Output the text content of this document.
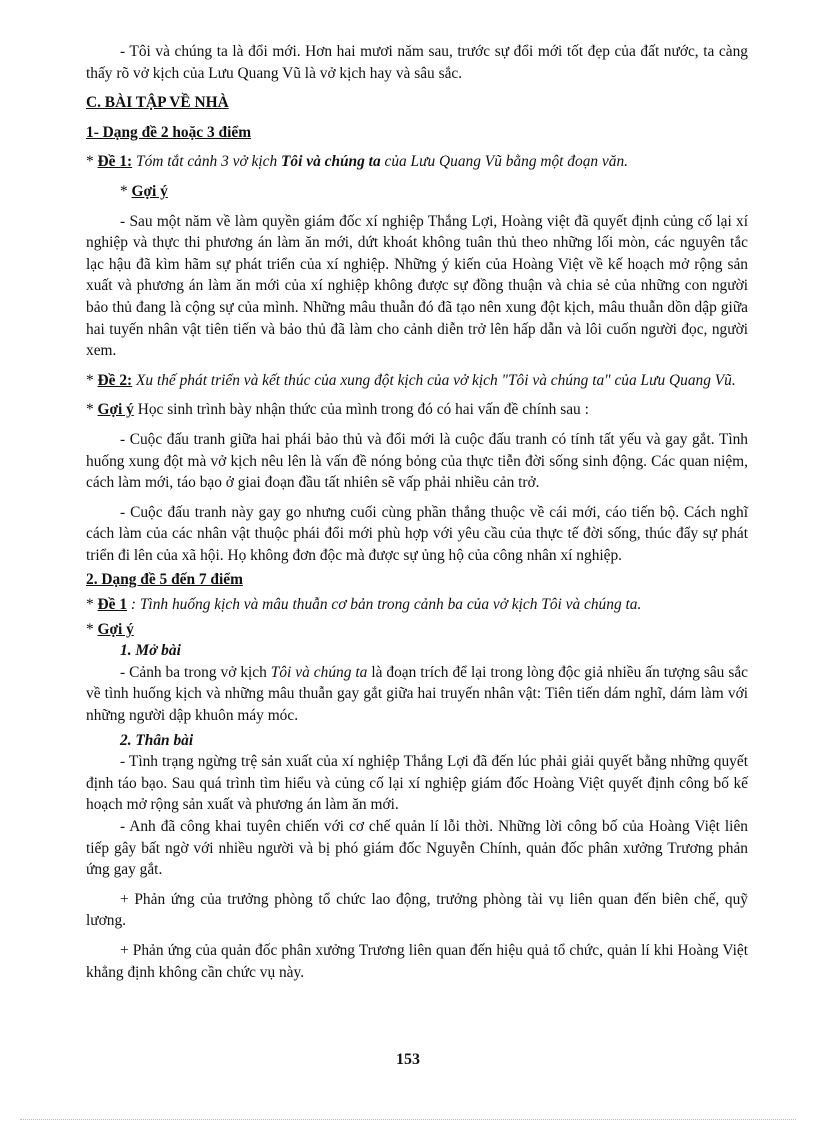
- Tôi và chúng ta là đổi mới. Hơn hai mươi năm sau, trước sự đổi mới tốt đẹp của đất nước, ta càng thấy rõ vở kịch của Lưu Quang Vũ là vở kịch hay và sâu sắc.

C. BÀI TẬP VỀ NHÀ

1- Dạng đề 2 hoặc 3 điểm

* Đề 1: Tóm tắt cảnh 3 vở kịch Tôi và chúng ta của Lưu Quang Vũ bằng một đoạn văn.

* Gợi ý

- Sau một năm về làm quyền giám đốc xí nghiệp Thắng Lợi, Hoàng việt đã quyết định củng cố lại xí nghiệp và thực thi phương án làm ăn mới, dứt khoát không tuân thủ theo những lối mòn, các nguyên tắc lạc hậu đã kìm hãm sự phát triển của xí nghiệp. Những ý kiến của Hoàng Việt về kế hoạch mở rộng sản xuất và phương án làm ăn mới của xí nghiệp không được sự đồng thuận và chia sẻ của những con người bảo thủ đang là cộng sự của mình. Những mâu thuẫn đó đã tạo nên xung đột kịch, mâu thuẫn dồn dập giữa hai tuyến nhân vật tiên tiến và bảo thủ đã làm cho cảnh diễn trở lên hấp dẫn và lôi cuốn người đọc, người xem.

* Đề 2: Xu thế phát triển và kết thúc của xung đột kịch của vở kịch "Tôi và chúng ta" của Lưu Quang Vũ.

* Gợi ý Học sinh trình bày nhận thức của mình trong đó có hai vấn đề chính sau :

- Cuộc đấu tranh giữa hai phái bảo thủ và đổi mới là cuộc đấu tranh có tính tất yếu và gay gắt. Tình huống xung đột mà vở kịch nêu lên là vấn đề nóng bỏng của thực tiễn đời sống sinh động. Các quan niệm, cách làm mới, táo bạo ở giai đoạn đầu tất nhiên sẽ vấp phải nhiều cản trở.

- Cuộc đấu tranh này gay go nhưng cuối cùng phần thắng thuộc về cái mới, cáo tiến bộ. Cách nghĩ cách làm của các nhân vật thuộc phái đổi mới phù hợp với yêu cầu của thực tế đời sống, thúc đẩy sự phát triển đi lên của xã hội. Họ không đơn độc mà được sự ủng hộ của công nhân xí nghiệp.

2. Dạng đề 5 đến 7 điểm

* Đề 1 : Tình huống kịch và mâu thuẫn cơ bản trong cảnh ba của vở kịch Tôi và chúng ta.

* Gợi ý

1. Mở bài

- Cảnh ba trong vở kịch Tôi và chúng ta là đoạn trích để lại trong lòng độc giả nhiều ấn tượng sâu sắc về tình huống kịch và những mâu thuẫn gay gắt giữa hai truyến nhân vật: Tiên tiến dám nghĩ, dám làm với những người dập khuôn máy móc.

2. Thân bài

- Tình trạng ngừng trệ sản xuất của xí nghiệp Thắng Lợi đã đến lúc phải giải quyết bằng những quyết định táo bạo. Sau quá trình tìm hiểu và củng cố lại xí nghiệp giám đốc Hoàng Việt quyết định công bố kế hoạch mở rộng sản xuất và phương án làm ăn mới.

- Anh đã công khai tuyên chiến với cơ chế quản lí lỗi thời. Những lời công bố của Hoàng Việt liên tiếp gây bất ngờ với nhiều người và bị phó giám đốc Nguyễn Chính, quản đốc phân xưởng Trương phản ứng gay gắt.

+ Phản ứng của trưởng phòng tổ chức lao động, trưởng phòng tài vụ liên quan đến biên chế, quỹ lương.

+ Phản ứng của quản đốc phân xưởng Trương liên quan đến hiệu quả tổ chức, quản lí khi Hoàng Việt khẳng định không cần chức vụ này.

153
